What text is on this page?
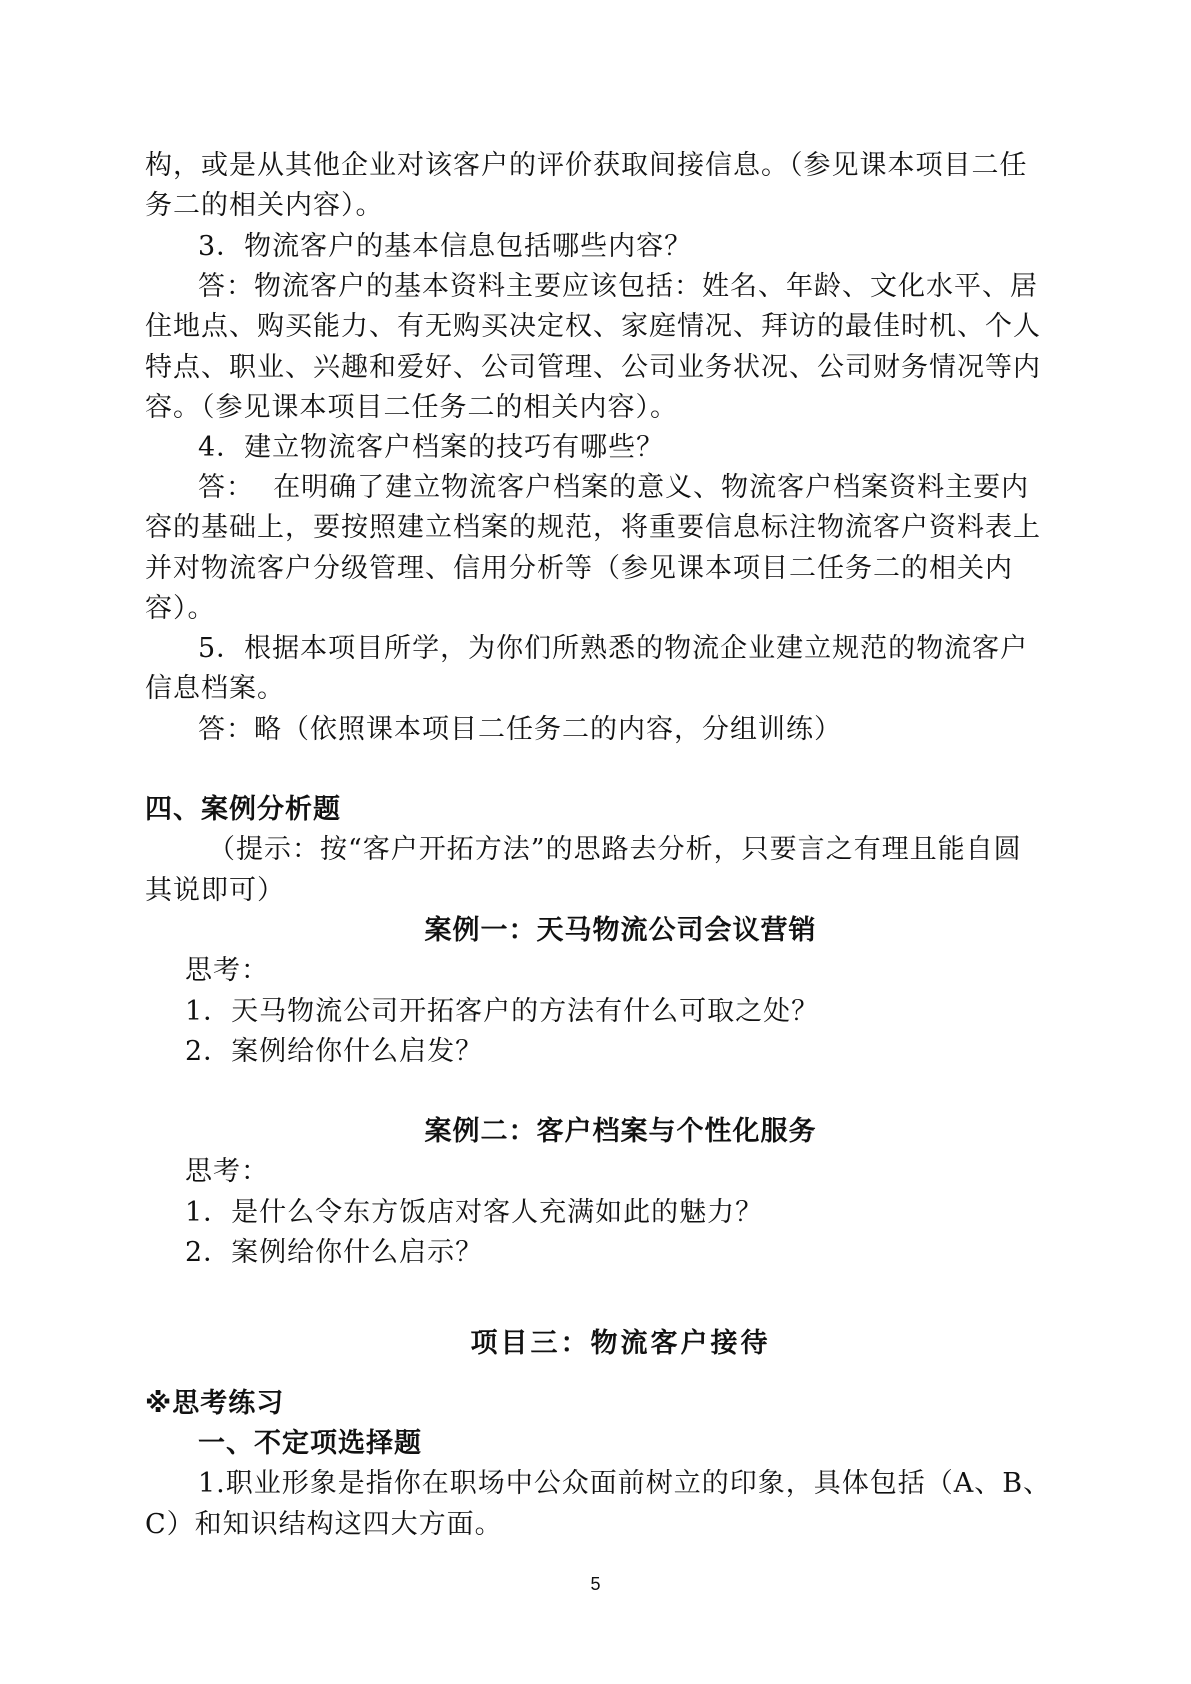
构，或是从其他企业对该客户的评价获取间接信息。（参见课本项目二任
务二的相关内容）。
3．物流客户的基本信息包括哪些内容？
答：物流客户的基本资料主要应该包括：姓名、年龄、文化水平、居
住地点、购买能力、有无购买决定权、家庭情况、拜访的最佳时机、个人
特点、职业、兴趣和爱好、公司管理、公司业务状况、公司财务情况等内
容。（参见课本项目二任务二的相关内容）。
4．建立物流客户档案的技巧有哪些？
答：  在明确了建立物流客户档案的意义、物流客户档案资料主要内
容的基础上，要按照建立档案的规范，将重要信息标注物流客户资料表上
并对物流客户分级管理、信用分析等（参见课本项目二任务二的相关内
容）。
5．根据本项目所学，为你们所熟悉的物流企业建立规范的物流客户
信息档案。
答：略（依照课本项目二任务二的内容，分组训练）
四、案例分析题
（提示：按“客户开拓方法”的思路去分析，只要言之有理且能自圆
其说即可）
案例一：天马物流公司会议营销
思考：
1．天马物流公司开拓客户的方法有什么可取之处？
2．案例给你什么启发？
案例二：客户档案与个性化服务
思考：
1．是什么令东方饭店对客人充满如此的魅力？
2．案例给你什么启示？
项目三：物流客户接待
※思考练习
一、不定项选择题
1.职业形象是指你在职场中公众面前树立的印象，具体包括（A、B、
C）和知识结构这四大方面。
5
